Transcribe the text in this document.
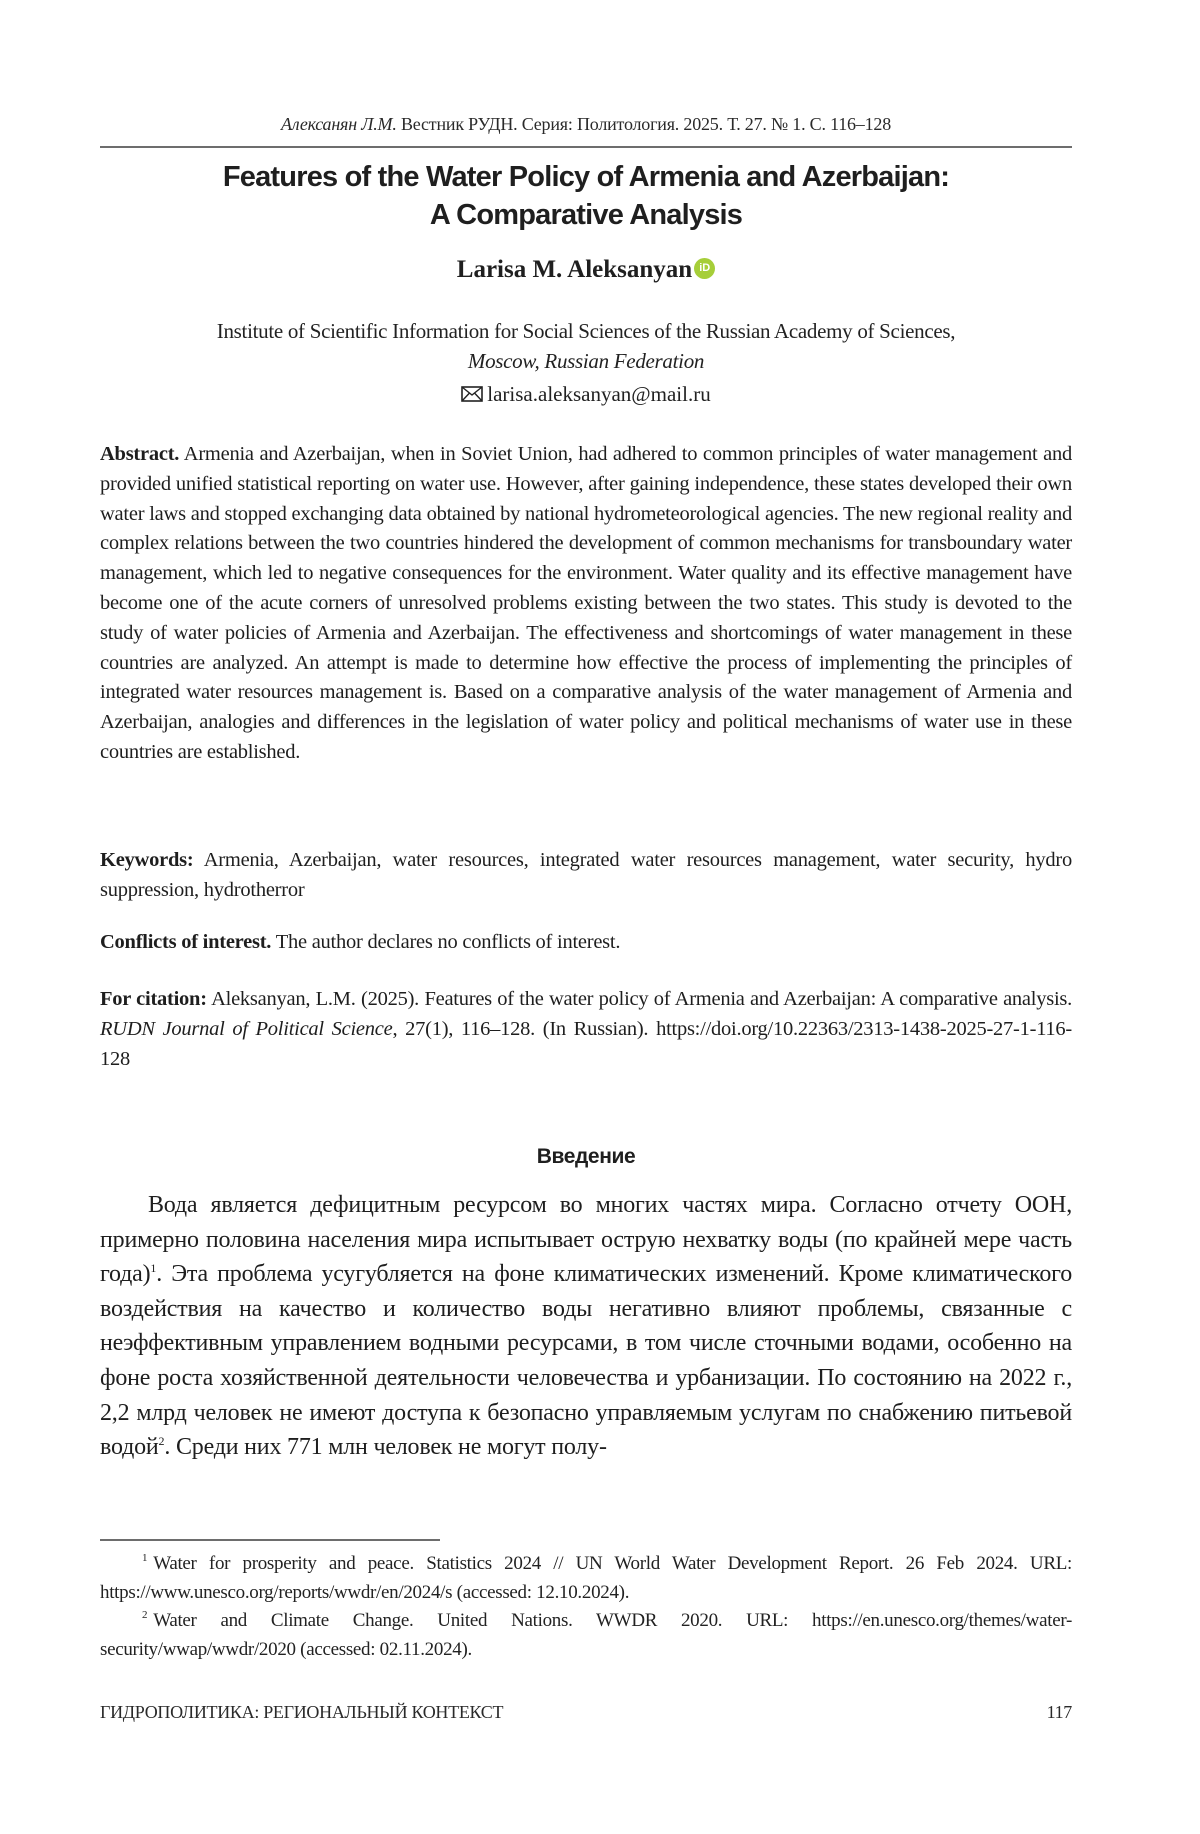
Алексанян Л.М. Вестник РУДН. Серия: Политология. 2025. Т. 27. № 1. С. 116–128
Features of the Water Policy of Armenia and Azerbaijan:
A Comparative Analysis
Larisa M. Aleksanyan iD
Institute of Scientific Information for Social Sciences of the Russian Academy of Sciences,
Moscow, Russian Federation
larisa.aleksanyan@mail.ru
Abstract. Armenia and Azerbaijan, when in Soviet Union, had adhered to common principles of water management and provided unified statistical reporting on water use. However, after gaining independence, these states developed their own water laws and stopped exchanging data obtained by national hydrometeorological agencies. The new regional reality and complex relations between the two countries hindered the development of common mechanisms for transboundary water management, which led to negative consequences for the environment. Water quality and its effective management have become one of the acute corners of unresolved problems existing between the two states. This study is devoted to the study of water policies of Armenia and Azerbaijan. The effectiveness and shortcomings of water management in these countries are analyzed. An attempt is made to determine how effective the process of implementing the principles of integrated water resources management is. Based on a comparative analysis of the water management of Armenia and Azerbaijan, analogies and differences in the legislation of water policy and political mechanisms of water use in these countries are established.
Keywords: Armenia, Azerbaijan, water resources, integrated water resources management, water security, hydro suppression, hydrotherror
Conflicts of interest. The author declares no conflicts of interest.
For citation: Aleksanyan, L.M. (2025). Features of the water policy of Armenia and Azerbaijan: A comparative analysis. RUDN Journal of Political Science, 27(1), 116–128. (In Russian). https://doi.org/10.22363/2313-1438-2025-27-1-116-128
Введение
Вода является дефицитным ресурсом во многих частях мира. Согласно отчету ООН, примерно половина населения мира испытывает острую нехватку воды (по крайней мере часть года)$^1$. Эта проблема усугубляется на фоне климатических изменений. Кроме климатического воздействия на качество и количество воды негативно влияют проблемы, связанные с неэффективным управлением водными ресурсами, в том числе сточными водами, особенно на фоне роста хозяйственной деятельности человечества и урбанизации. По состоянию на 2022 г., 2,2 млрд человек не имеют доступа к безопасно управляемым услугам по снабжению питьевой водой$^2$. Среди них 771 млн человек не могут полу-

$^1$ Water for prosperity and peace. Statistics 2024 // UN World Water Development Report. 26 Feb 2024. URL: https://www.unesco.org/reports/wwdr/en/2024/s (accessed: 12.10.2024).

$^2$ Water and Climate Change. United Nations. WWDR 2020. URL: https://en.unesco.org/themes/water-security/wwap/wwdr/2020 (accessed: 02.11.2024).

ГИДРОПОЛИТИКА: РЕГИОНАЛЬНЫЙ КОНТЕКСТ	117
